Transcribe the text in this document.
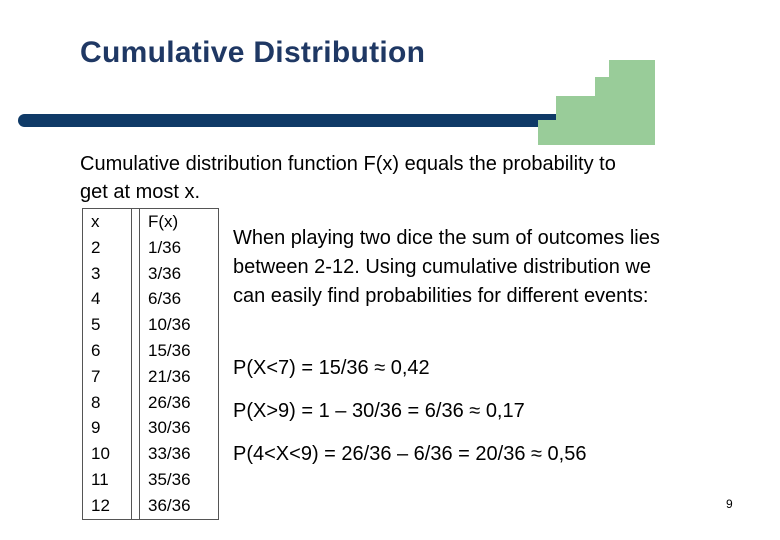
Cumulative Distribution
Cumulative distribution function F(x) equals the probability to get at most x.
x		F(x)
2		1/36
3		3/36
4		6/36
5		10/36
6		15/36
7		21/36
8		26/36
9		30/36
10		33/36
11		35/36
12		36/36
When playing two dice the sum of outcomes lies between 2-12. Using cumulative distribution we can easily find probabilities for different events:
P(X<7) = 15/36 ≈ 0,42
P(X>9) = 1 – 30/36 = 6/36 ≈ 0,17
P(4<X<9) = 26/36 – 6/36 = 20/36 ≈ 0,56
9
